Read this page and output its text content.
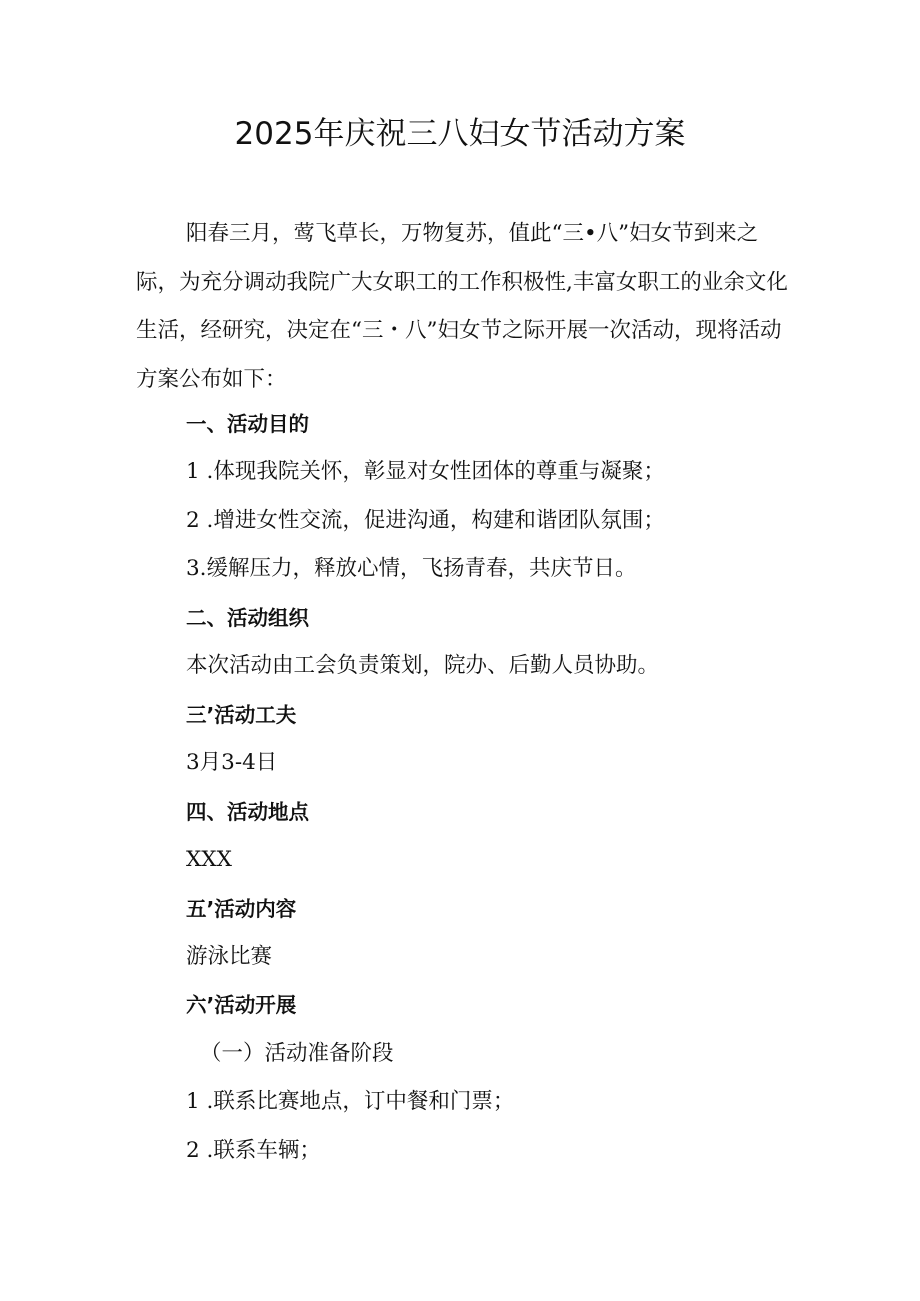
2025年庆祝三八妇女节活动方案

阳春三月，莺飞草长，万物复苏，值此“三•八”妇女节到来之际，为充分调动我院广大女职工的工作积极性,丰富女职工的业余文化生活，经研究，决定在“三・八”妇女节之际开展一次活动，现将活动方案公布如下：

一、活动目的

1 .体现我院关怀，彰显对女性团体的尊重与凝聚；

2 .增进女性交流，促进沟通，构建和谐团队氛围；

3.缓解压力，释放心情，飞扬青春，共庆节日。

二、活动组织

本次活动由工会负责策划，院办、后勤人员协助。

三’活动工夫

3月3-4日

四、活动地点

XXX

五’活动内容

游泳比赛

六’活动开展

（一）活动准备阶段

1 .联系比赛地点，订中餐和门票；

2 .联系车辆；
